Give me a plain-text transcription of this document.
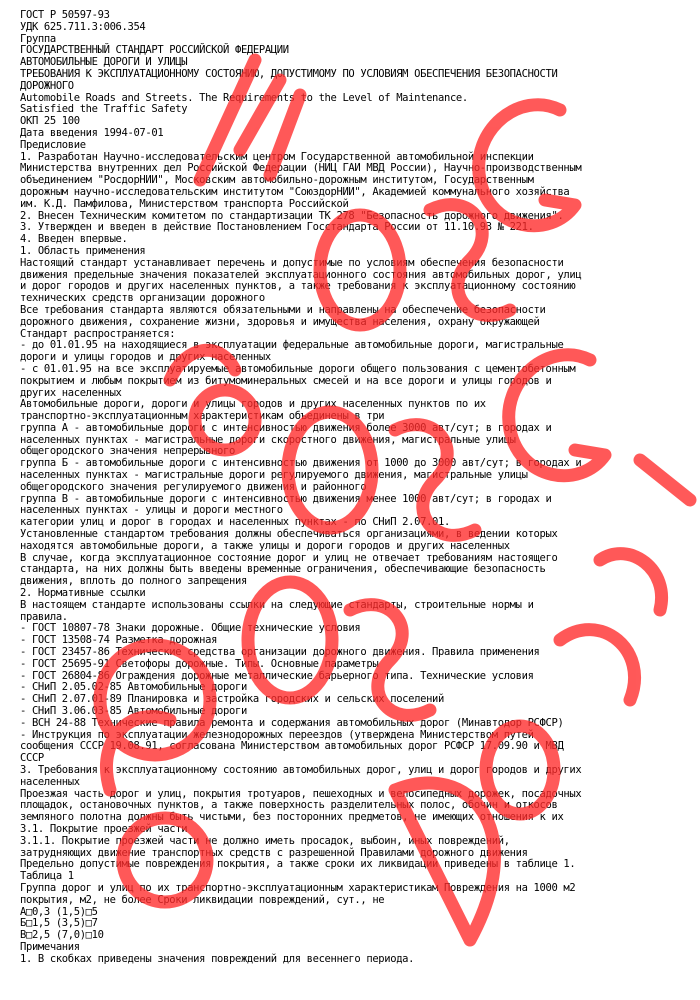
ГОСТ Р 50597-93
УДК 625.711.3:006.354
Группа
ГОСУДАРСТВЕННЫЙ СТАНДАРТ РОССИЙСКОЙ ФЕДЕРАЦИИ
АВТОМОБИЛЬНЫЕ ДОРОГИ И УЛИЦЫ
ТРЕБОВАНИЯ К ЭКСПЛУАТАЦИОННОМУ СОСТОЯНИЮ, ДОПУСТИМОМУ ПО УСЛОВИЯМ ОБЕСПЕЧЕНИЯ БЕЗОПАСНОСТИ
ДОРОЖНОГО
Automobile Roads and Streets. The Requirements to the Level of Maintenance.
Satisfied the Traffic Safety
ОКП 25 100
Дата введения 1994-07-01
Предисловие
1. Разработан Научно-исследовательским центром Государственной автомобильной инспекции
Министерства внутренних дел Российской Федерации (НИЦ ГАИ МВД России), Научно-производственным
объединением "РосдорНИИ", Московским автомобильно-дорожным институтом, Государственным
дорожным научно-исследовательским институтом "СоюздорНИИ", Академией коммунального хозяйства
им. К.Д. Памфилова, Министерством транспорта Российской
2. Внесен Техническим комитетом по стандартизации ТК 278 "Безопасность дорожного движения".
3. Утвержден и введен в действие Постановлением Госстандарта России от 11.10.93 № 221.
4. Введен впервые.
1. Область применения
Настоящий стандарт устанавливает перечень и допустимые по условиям обеспечения безопасности
движения предельные значения показателей эксплуатационного состояния автомобильных дорог, улиц
и дорог городов и других населенных пунктов, а также требования к эксплуатационному состоянию
технических средств организации дорожного
Все требования стандарта являются обязательными и направлены на обеспечение безопасности
дорожного движения, сохранение жизни, здоровья и имущества населения, охрану окружающей
Стандарт распространяется:
- до 01.01.95 на находящиеся в эксплуатации федеральные автомобильные дороги, магистральные
дороги и улицы городов и других населенных
- с 01.01.95 на все эксплуатируемые автомобильные дороги общего пользования с цементобетонным
покрытием и любым покрытием из битумоминеральных смесей и на все дороги и улицы городов и
других населенных
Автомобильные дороги, дороги и улицы городов и других населенных пунктов по их
транспортно-эксплуатационным характеристикам объединены в три
группа А - автомобильные дороги с интенсивностью движения более 3000 авт/сут; в городах и
населенных пунктах - магистральные дороги скоростного движения, магистральные улицы
общегородского значения непрерывного
группа Б - автомобильные дороги с интенсивностью движения от 1000 до 3000 авт/сут; в городах и
населенных пунктах - магистральные дороги регулируемого движения, магистральные улицы
общегородского значения регулируемого движения и районного
группа В - автомобильные дороги с интенсивностью движения менее 1000 авт/сут; в городах и
населенных пунктах - улицы и дороги местного
категории улиц и дорог в городах и населенных пунктах - по СНиП 2.07.01.
Установленные стандартом требования должны обеспечиваться организациями, в ведении которых
находятся автомобильные дороги, а также улицы и дороги городов и других населенных
В случае, когда эксплуатационное состояние дорог и улиц не отвечает требованиям настоящего
стандарта, на них должны быть введены временные ограничения, обеспечивающие безопасность
движения, вплоть до полного запрещения
2. Нормативные ссылки
В настоящем стандарте использованы ссылки на следующие стандарты, строительные нормы и
правила.
- ГОСТ 10807-78 Знаки дорожные. Общие технические условия
- ГОСТ 13508-74 Разметка дорожная
- ГОСТ 23457-86 Технические средства организации дорожного движения. Правила применения
- ГОСТ 25695-91 Светофоры дорожные. Типы. Основные параметры
- ГОСТ 26804-86 Ограждения дорожные металлические барьерного типа. Технические условия
- СНиП 2.05.02-85 Автомобильные дороги
- СНиП 2.07.01-89 Планировка и застройка городских и сельских поселений
- СНиП 3.06.03-85 Автомобильные дороги
- ВСН 24-88 Технические правила ремонта и содержания автомобильных дорог (Минавтодор РСФСР)
- Инструкция по эксплуатации железнодорожных переездов (утверждена Министерством путей
сообщения СССР 19.08.91, согласована Министерством автомобильных дорог РСФСР 17.09.90 и МВД
СССР
3. Требования к эксплуатационному состоянию автомобильных дорог, улиц и дорог городов и других
населенных
Проезжая часть дорог и улиц, покрытия тротуаров, пешеходных и велосипедных дорожек, посадочных
площадок, остановочных пунктов, а также поверхность разделительных полос, обочин и откосов
земляного полотна должны быть чистыми, без посторонних предметов, не имеющих отношения к их
3.1. Покрытие проезжей части
3.1.1. Покрытие проезжей части не должно иметь просадок, выбоин, иных повреждений,
затрудняющих движение транспортных средств с разрешенной Правилами дорожного движения
Предельно допустимые повреждения покрытия, а также сроки их ликвидации приведены в таблице 1.
Таблица 1
Группа дорог и улиц по их транспортно-эксплуатационным характеристикам Повреждения на 1000 м2
покрытия, м2, не более Сроки ликвидации повреждений, сут., не
А□0,3 (1,5)□5
Б□1,5 (3,5)□7
В□2,5 (7,0)□10
Примечания
1. В скобках приведены значения повреждений для весеннего периода.
